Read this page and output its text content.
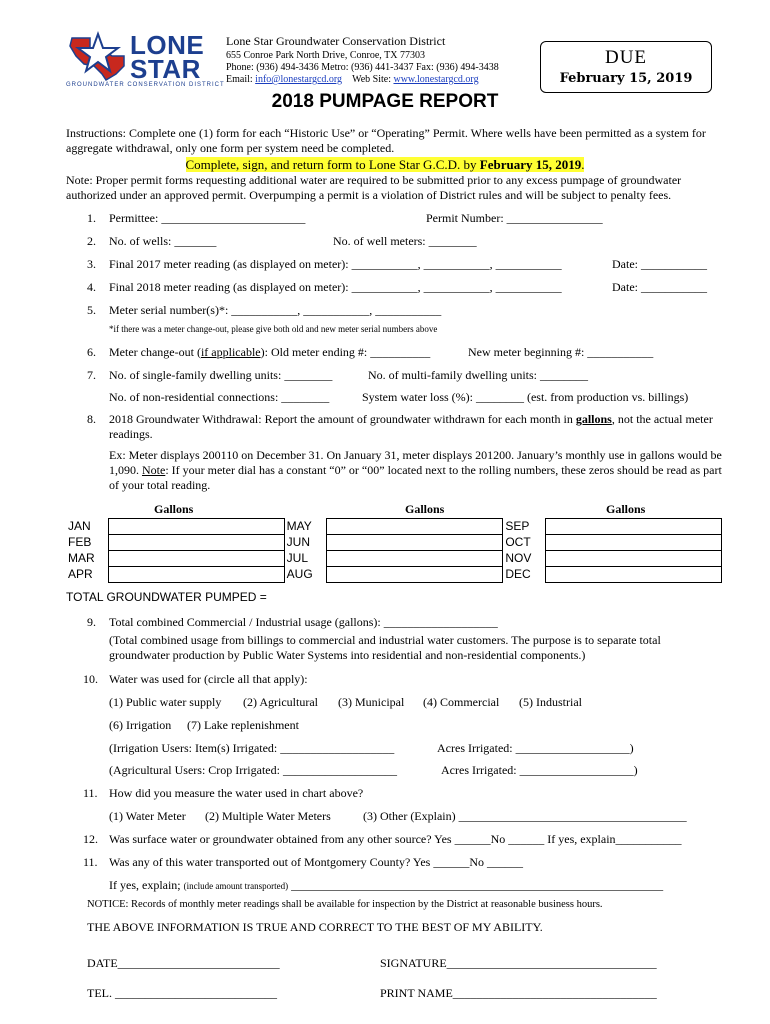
LONE
STAR
GROUNDWATER CONSERVATION DISTRICT
Lone Star Groundwater Conservation District
655 Conroe Park North Drive, Conroe, TX 77303
Phone: (936) 494-3436 Metro: (936) 441-3437 Fax: (936) 494-3438
Email: info@lonestargcd.org Web Site: www.lonestargcd.org
DUE
February 15, 2019
2018 PUMPAGE REPORT
Instructions: Complete one (1) form for each “Historic Use” or “Operating” Permit. Where wells have been permitted as a system for aggregate withdrawal, only one form per system need be completed.
Complete, sign, and return form to Lone Star G.C.D. by February 15, 2019.
Note: Proper permit forms requesting additional water are required to be submitted prior to any excess pumpage of groundwater authorized under an approved permit. Overpumping a permit is a violation of District rules and will be subject to penalty fees.
1. Permittee: ________________________	Permit Number: ________________
2. No. of wells: _______	No. of well meters: ________
3. Final 2017 meter reading (as displayed on meter): ___________, ___________, ___________	Date: ___________
4. Final 2018 meter reading (as displayed on meter): ___________, ___________, ___________	Date: ___________
5. Meter serial number(s)*: ___________, ___________, ___________
*if there was a meter change-out, please give both old and new meter serial numbers above
6. Meter change-out (if applicable): Old meter ending #: __________	New meter beginning #: ___________
7. No. of single-family dwelling units: ________	No. of multi-family dwelling units: ________
No. of non-residential connections: ________	System water loss (%): ________ (est. from production vs. billings)
8. 2018 Groundwater Withdrawal: Report the amount of groundwater withdrawn for each month in gallons, not the actual meter readings.
Ex: Meter displays 200110 on December 31. On January 31, meter displays 201200. January’s monthly use in gallons would be 1,090. Note: If your meter dial has a constant “0” or “00” located next to the rolling numbers, these zeros should be read as part of your total reading.
Gallons	Gallons	Gallons
JAN		MAY		SEP	
FEB		JUN		OCT	
MAR		JUL		NOV	
APR		AUG		DEC	
TOTAL GROUNDWATER PUMPED =
9. Total combined Commercial / Industrial usage (gallons): ___________________
(Total combined usage from billings to commercial and industrial water customers. The purpose is to separate total groundwater production by Public Water Systems into residential and non-residential components.)
10. Water was used for (circle all that apply):
(1) Public water supply (2) Agricultural (3) Municipal (4) Commercial (5) Industrial
(6) Irrigation (7) Lake replenishment
(Irrigation Users: Item(s) Irrigated: ___________________	Acres Irrigated: ___________________)
(Agricultural Users: Crop Irrigated: ___________________	Acres Irrigated: ___________________)
11. How did you measure the water used in chart above?
(1) Water Meter (2) Multiple Water Meters	(3) Other (Explain) ______________________________________
12. Was surface water or groundwater obtained from any other source? Yes ______No ______ If yes, explain___________
11. Was any of this water transported out of Montgomery County? Yes ______No ______
If yes, explain; (include amount transported) ______________________________________________________________
NOTICE: Records of monthly meter readings shall be available for inspection by the District at reasonable business hours.
THE ABOVE INFORMATION IS TRUE AND CORRECT TO THE BEST OF MY ABILITY.
DATE___________________________	SIGNATURE___________________________________
TEL. ___________________________	PRINT NAME__________________________________
